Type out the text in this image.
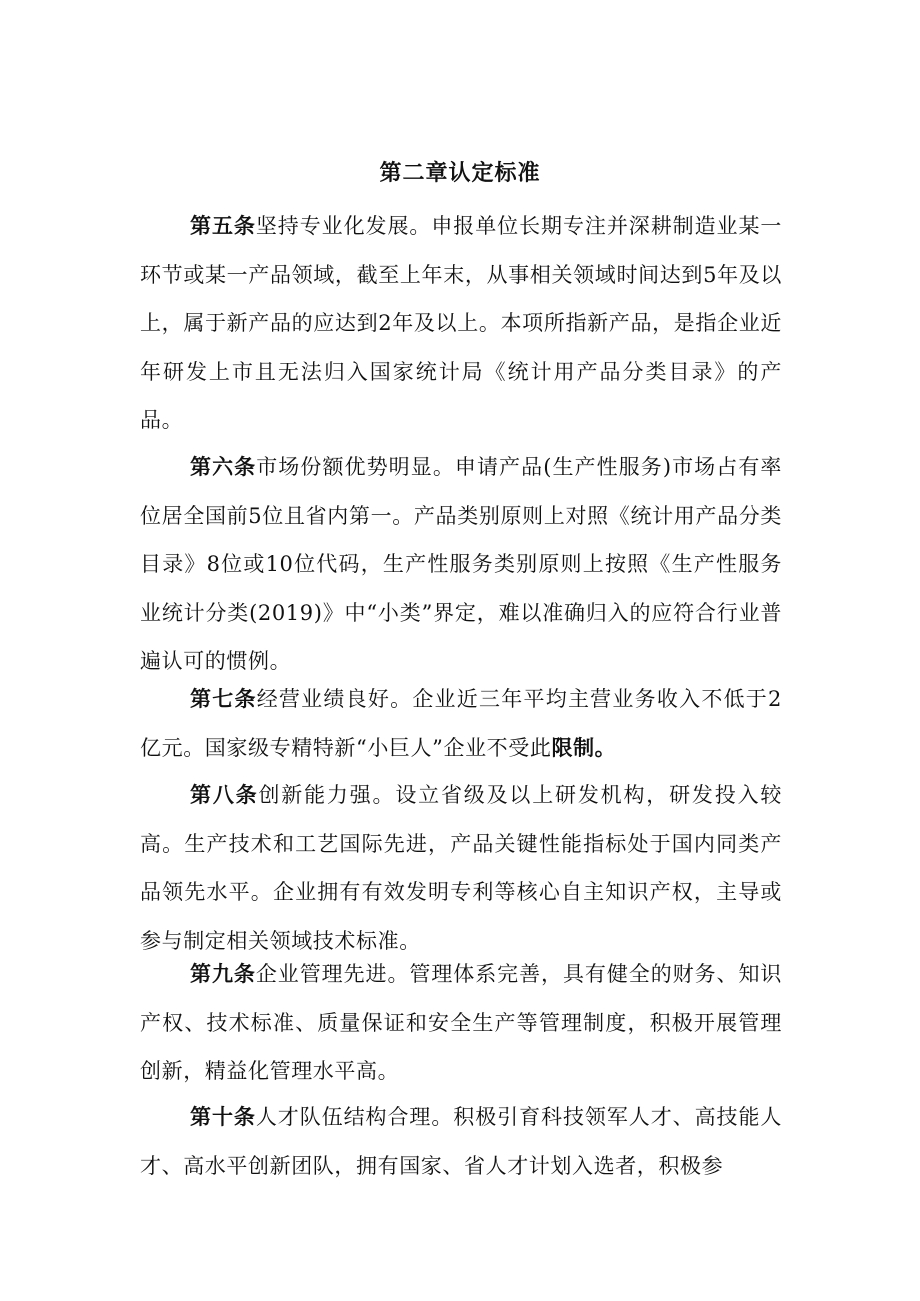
第二章认定标准

第五条坚持专业化发展。申报单位长期专注并深耕制造业某一环节或某一产品领域，截至上年末，从事相关领域时间达到5年及以上，属于新产品的应达到2年及以上。本项所指新产品，是指企业近年研发上市且无法归入国家统计局《统计用产品分类目录》的产品。

第六条市场份额优势明显。申请产品(生产性服务)市场占有率位居全国前5位且省内第一。产品类别原则上对照《统计用产品分类目录》8位或10位代码，生产性服务类别原则上按照《生产性服务业统计分类(2019)》中“小类”界定，难以准确归入的应符合行业普遍认可的惯例。

第七条经营业绩良好。企业近三年平均主营业务收入不低于2亿元。国家级专精特新“小巨人”企业不受此限制。

第八条创新能力强。设立省级及以上研发机构，研发投入较高。生产技术和工艺国际先进，产品关键性能指标处于国内同类产品领先水平。企业拥有有效发明专利等核心自主知识产权，主导或参与制定相关领域技术标准。

第九条企业管理先进。管理体系完善，具有健全的财务、知识产权、技术标准、质量保证和安全生产等管理制度，积极开展管理创新，精益化管理水平高。

第十条人才队伍结构合理。积极引育科技领军人才、高技能人才、高水平创新团队，拥有国家、省人才计划入选者，积极参
